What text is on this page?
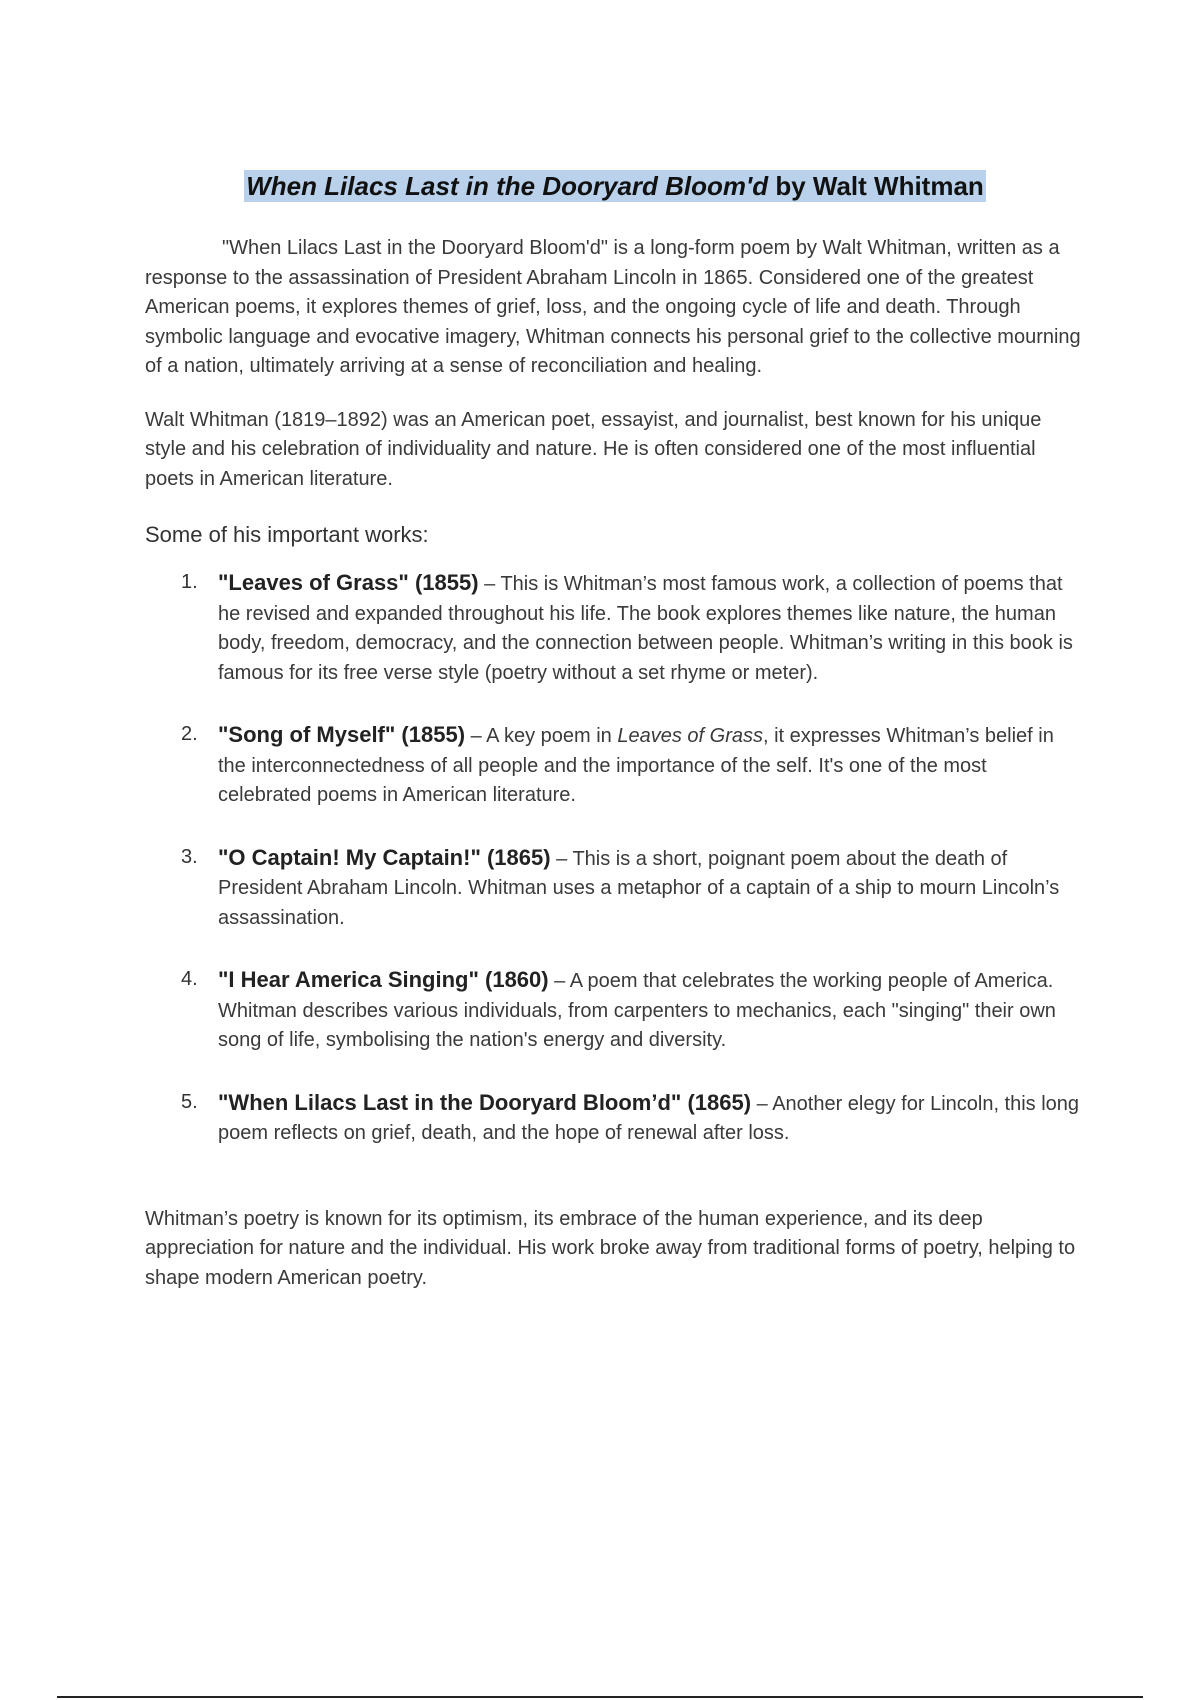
When Lilacs Last in the Dooryard Bloom'd by Walt Whitman

"When Lilacs Last in the Dooryard Bloom'd" is a long-form poem by Walt Whitman, written as a response to the assassination of President Abraham Lincoln in 1865. Considered one of the greatest American poems, it explores themes of grief, loss, and the ongoing cycle of life and death. Through symbolic language and evocative imagery, Whitman connects his personal grief to the collective mourning of a nation, ultimately arriving at a sense of reconciliation and healing.

Walt Whitman (1819–1892) was an American poet, essayist, and journalist, best known for his unique style and his celebration of individuality and nature. He is often considered one of the most influential poets in American literature.

Some of his important works:
1. "Leaves of Grass" (1855) – This is Whitman’s most famous work, a collection of poems that he revised and expanded throughout his life. The book explores themes like nature, the human body, freedom, democracy, and the connection between people. Whitman’s writing in this book is famous for its free verse style (poetry without a set rhyme or meter).
2. "Song of Myself" (1855) – A key poem in Leaves of Grass, it expresses Whitman’s belief in the interconnectedness of all people and the importance of the self. It's one of the most celebrated poems in American literature.
3. "O Captain! My Captain!" (1865) – This is a short, poignant poem about the death of President Abraham Lincoln. Whitman uses a metaphor of a captain of a ship to mourn Lincoln’s assassination.
4. "I Hear America Singing" (1860) – A poem that celebrates the working people of America. Whitman describes various individuals, from carpenters to mechanics, each "singing" their own song of life, symbolising the nation's energy and diversity.
5. "When Lilacs Last in the Dooryard Bloom’d" (1865) – Another elegy for Lincoln, this long poem reflects on grief, death, and the hope of renewal after loss.

Whitman’s poetry is known for its optimism, its embrace of the human experience, and its deep appreciation for nature and the individual. His work broke away from traditional forms of poetry, helping to shape modern American poetry.
